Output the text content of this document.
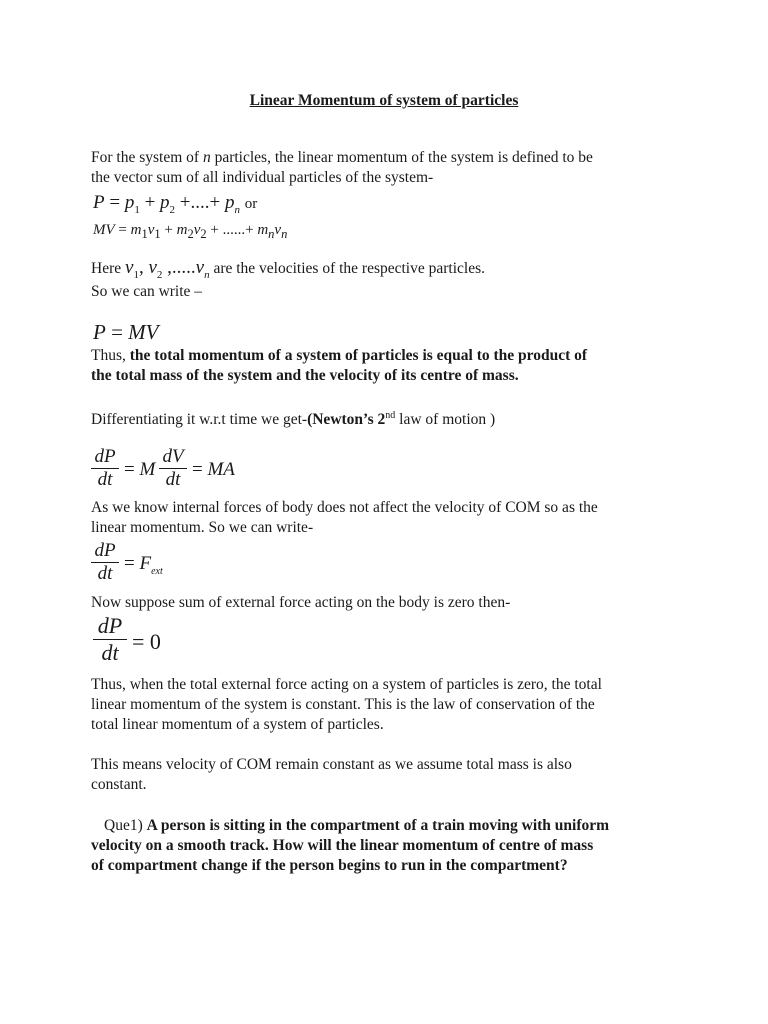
Linear Momentum of system of particles
For the system of n particles, the linear momentum of the system is defined to be
the vector sum of all individual particles of the system-
$P = p_1 + p_2$ +....+ $p_n$ or
MV = $m_1v_1 + m_2v_2$ + ......+ $m_nv_n$
Here $v_1$, $v_2$ $,.....v_n$ are the velocities of the respective particles.
So we can write –
P = MV
Thus, the total momentum of a system of particles is equal to the product of
the total mass of the system and the velocity of its centre of mass.
Differentiating it w.r.t time we get-(Newton’s 2nd law of motion )
dP
dt = M
dV
dt = MA
As we know internal forces of body does not affect the velocity of COM so as the
linear momentum. So we can write-
dP
dt = $F_{ext}$
Now suppose sum of external force acting on the body is zero then-
dP
dt = 0
Thus, when the total external force acting on a system of particles is zero, the total
linear momentum of the system is constant. This is the law of conservation of the
total linear momentum of a system of particles.
This means velocity of COM remain constant as we assume total mass is also
constant.
Que1) A person is sitting in the compartment of a train moving with uniform
velocity on a smooth track. How will the linear momentum of centre of mass
of compartment change if the person begins to run in the compartment?
